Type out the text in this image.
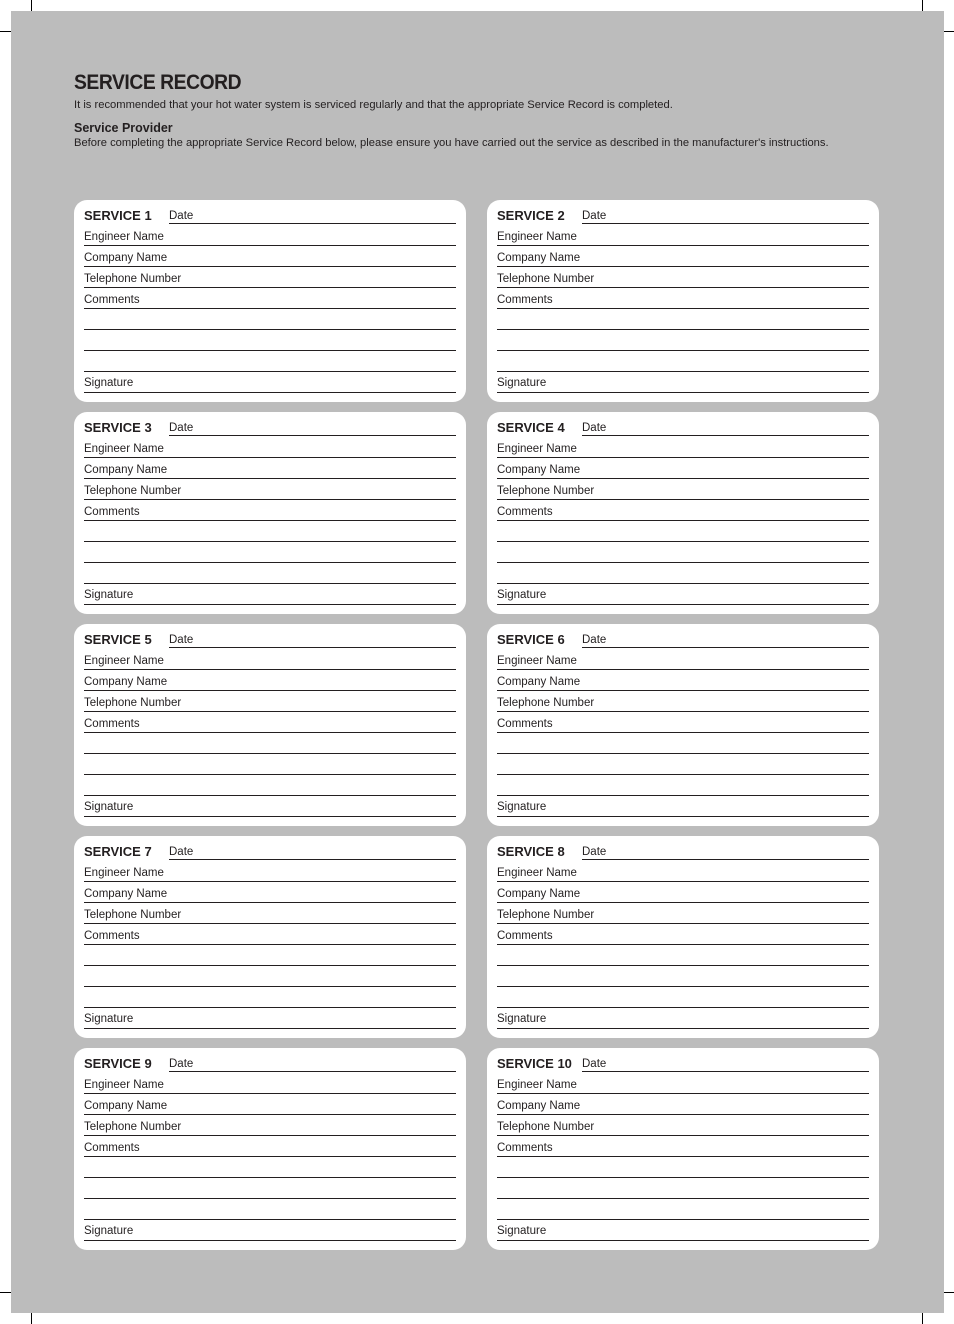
SERVICE RECORD

It is recommended that your hot water system is serviced regularly and that the appropriate Service Record is completed.

Service Provider

Before completing the appropriate Service Record below, please ensure you have carried out the service as described in the manufacturer's instructions.

SERVICE 1 Date
Engineer Name
Company Name
Telephone Number
Comments
Signature
SERVICE 2 Date
Engineer Name
Company Name
Telephone Number
Comments
Signature
SERVICE 3 Date
Engineer Name
Company Name
Telephone Number
Comments
Signature
SERVICE 4 Date
Engineer Name
Company Name
Telephone Number
Comments
Signature
SERVICE 5 Date
Engineer Name
Company Name
Telephone Number
Comments
Signature
SERVICE 6 Date
Engineer Name
Company Name
Telephone Number
Comments
Signature
SERVICE 7 Date
Engineer Name
Company Name
Telephone Number
Comments
Signature
SERVICE 8 Date
Engineer Name
Company Name
Telephone Number
Comments
Signature
SERVICE 9 Date
Engineer Name
Company Name
Telephone Number
Comments
Signature
SERVICE 10 Date
Engineer Name
Company Name
Telephone Number
Comments
Signature
